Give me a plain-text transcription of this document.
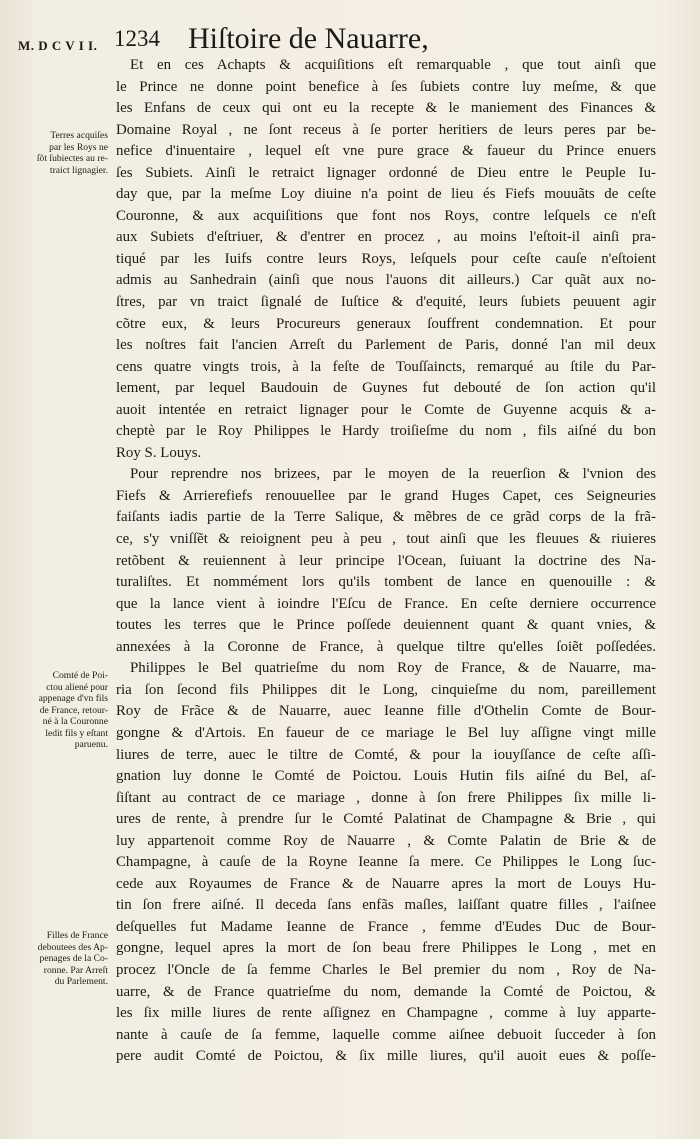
M. D C V I I. 1234 Hiſtoire de Nauarre,
Terres acquiſes
par les Roys ne
ſõt ſubiectes au re-
traict lignagier.
Comté de Poi-
ctou alíené pour
appenage d'vn fils
de France, retour-
né à la Couronne
ledit fils y eſtant
paruenu.
Filles de France
deboutees des Ap-
penages de la Co-
ronne. Par Arreſt
du Parlement.
Et en ces Achapts & acquiſitions eſt remarquable , que tout ainſi que
le Prince ne donne point benefice à ſes ſubiets contre luy meſme, & que
les Enfans de ceux qui ont eu la recepte & le maniement des Finances &
Domaine Royal , ne ſont receus à ſe porter heritiers de leurs peres par be-
nefice d'inuentaire , lequel eſt vne pure grace & faueur du Prince enuers
ſes Subiets. Ainſi le retraict lignager ordonné de Dieu entre le Peuple Iu-
day que, par la meſme Loy diuine n'a point de lieu és Fiefs mouuãts de ceſte
Couronne, & aux acquiſitions que font nos Roys, contre leſquels ce n'eſt
aux Subiets d'eſtriuer, & d'entrer en procez , au moins l'eſtoit-il ainſi pra-
tiqué par les Iuifs contre leurs Roys, leſquels pour ceſte cauſe n'eſtoient
admis au Sanhedrain (ainſi que nous l'auons dit ailleurs.) Car quãt aux no-
ſtres, par vn traict ſignalé de Iuſtice & d'equité, leurs ſubiets peuuent agir
cõtre eux, & leurs Procureurs generaux ſouffrent condemnation. Et pour
les noſtres fait l'ancien Arreſt du Parlement de Paris, donné l'an mil deux
cens quatre vingts trois, à la feſte de Touſſaincts, remarqué au ſtile du Par-
lement, par lequel Baudouin de Guynes fut debouté de ſon action qu'il
auoit intentée en retraict lignager pour le Comte de Guyenne acquis & a-
cheptè par le Roy Philippes le Hardy troiſieſme du nom , fils aiſné du bon
Roy S. Louys.
Pour reprendre nos brizees, par le moyen de la reuerſion & l'vnion des
Fiefs & Arrierefiefs renouuellee par le grand Huges Capet, ces Seigneuries
faiſants iadis partie de la Terre Salique, & mẽbres de ce grãd corps de la frã-
ce, s'y vniſſẽt & reioignent peu à peu , tout ainſi que les fleuues & riuieres
retõbent & reuiennent à leur principe l'Ocean, ſuiuant la doctrine des Na-
turaliſtes. Et nommément lors qu'ils tombent de lance en quenouille : &
que la lance vient à ioindre l'Eſcu de France. En ceſte derniere occurrence
toutes les terres que le Prince poſſede deuiennent quant & quant vnies, &
annexées à la Coronne de France, à quelque tiltre qu'elles ſoiẽt poſſedées.
Philippes le Bel quatrieſme du nom Roy de France, & de Nauarre, ma-
ria ſon ſecond fils Philippes dit le Long, cinquieſme du nom, pareillement
Roy de Frãce & de Nauarre, auec Ieanne fille d'Othelin Comte de Bour-
gongne & d'Artois. En faueur de ce mariage le Bel luy aſſigne vingt mille
liures de terre, auec le tiltre de Comté, & pour la iouyſſance de ceſte aſſi-
gnation luy donne le Comté de Poictou. Louis Hutin fils aiſné du Bel, aſ-
ſiſtant au contract de ce mariage , donne à ſon frere Philippes ſix mille li-
ures de rente, à prendre ſur le Comté Palatinat de Champagne & Brie , qui
luy appartenoit comme Roy de Nauarre , & Comte Palatin de Brie & de
Champagne, à cauſe de la Royne Ieanne ſa mere. Ce Philippes le Long ſuc-
cede aux Royaumes de France & de Nauarre apres la mort de Louys Hu-
tin ſon frere aiſné. Il deceda ſans enfãs maſles, laiſſant quatre filles , l'aiſnee
deſquelles fut Madame Ieanne de France , femme d'Eudes Duc de Bour-
gongne, lequel apres la mort de ſon beau frere Philippes le Long , met en
procez l'Oncle de ſa femme Charles le Bel premier du nom , Roy de Na-
uarre, & de France quatrieſme du nom, demande la Comté de Poictou, &
les ſix mille liures de rente aſſignez en Champagne , comme à luy apparte-
nante à cauſe de ſa femme, laquelle comme aiſnee debuoit ſucceder à ſon
pere audit Comté de Poictou, & ſix mille liures, qu'il auoit eues & poſſe-
